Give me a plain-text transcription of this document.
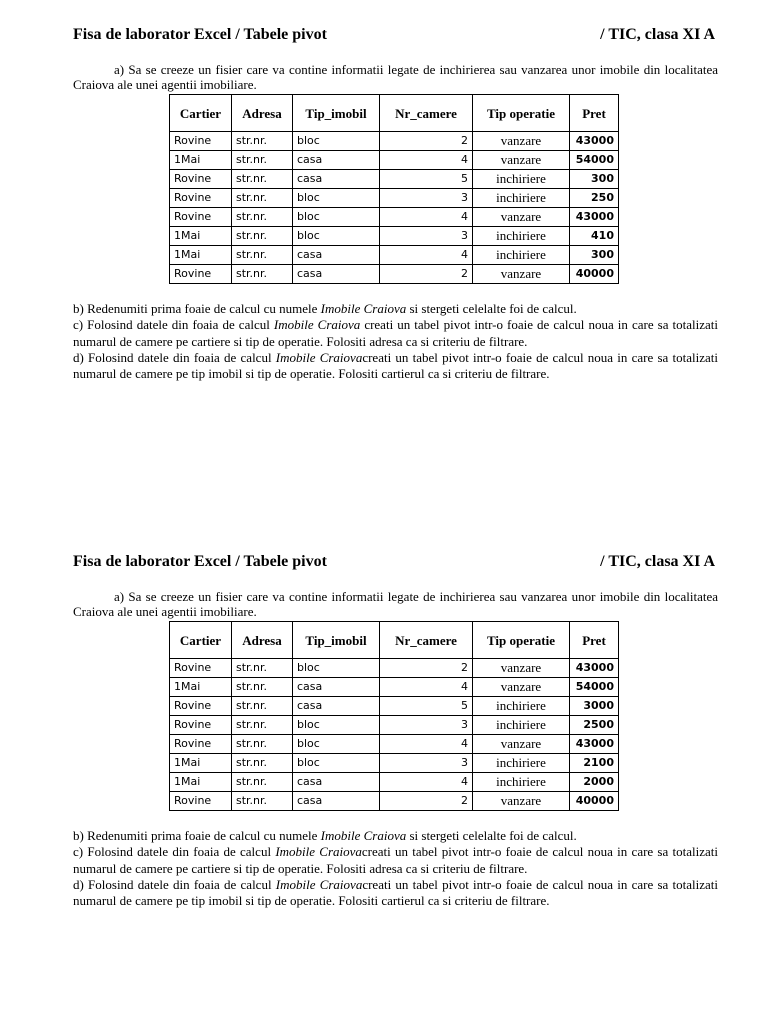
Fisa de laborator Excel / Tabele pivot	/ TIC, clasa XI A
a) Sa se creeze un fisier care va contine informatii legate de inchirierea sau vanzarea unor imobile din localitatea Craiova ale unei agentii imobiliare.
Cartier	Adresa	Tip_imobil	Nr_camere	Tip operatie	Pret
Rovine	str.nr.	bloc	2	vanzare	43000
1Mai	str.nr.	casa	4	vanzare	54000
Rovine	str.nr.	casa	5	inchiriere	300
Rovine	str.nr.	bloc	3	inchiriere	250
Rovine	str.nr.	bloc	4	vanzare	43000
1Mai	str.nr.	bloc	3	inchiriere	410
1Mai	str.nr.	casa	4	inchiriere	300
Rovine	str.nr.	casa	2	vanzare	40000

b) Redenumiti prima foaie de calcul cu numele Imobile Craiova si stergeti celelalte foi de calcul.

c) Folosind datele din foaia de calcul Imobile Craiova creati un tabel pivot intr-o foaie de calcul noua in care sa totalizati numarul de camere pe cartiere si tip de operatie. Folositi adresa ca si criteriu de filtrare.

d) Folosind datele din foaia de calcul Imobile Craiovacreati un tabel pivot intr-o foaie de calcul noua in care sa totalizati numarul de camere pe tip imobil si tip de operatie. Folositi cartierul ca si criteriu de filtrare.

Fisa de laborator Excel / Tabele pivot	/ TIC, clasa XI A
a) Sa se creeze un fisier care va contine informatii legate de inchirierea sau vanzarea unor imobile din localitatea Craiova ale unei agentii imobiliare.
Cartier	Adresa	Tip_imobil	Nr_camere	Tip operatie	Pret
Rovine	str.nr.	bloc	2	vanzare	43000
1Mai	str.nr.	casa	4	vanzare	54000
Rovine	str.nr.	casa	5	inchiriere	3000
Rovine	str.nr.	bloc	3	inchiriere	2500
Rovine	str.nr.	bloc	4	vanzare	43000
1Mai	str.nr.	bloc	3	inchiriere	2100
1Mai	str.nr.	casa	4	inchiriere	2000
Rovine	str.nr.	casa	2	vanzare	40000

b) Redenumiti prima foaie de calcul cu numele Imobile Craiova si stergeti celelalte foi de calcul.

c) Folosind datele din foaia de calcul Imobile Craiovacreati un tabel pivot intr-o foaie de calcul noua in care sa totalizati numarul de camere pe cartiere si tip de operatie. Folositi adresa ca si criteriu de filtrare.

d) Folosind datele din foaia de calcul Imobile Craiovacreati un tabel pivot intr-o foaie de calcul noua in care sa totalizati numarul de camere pe tip imobil si tip de operatie. Folositi cartierul ca si criteriu de filtrare.
